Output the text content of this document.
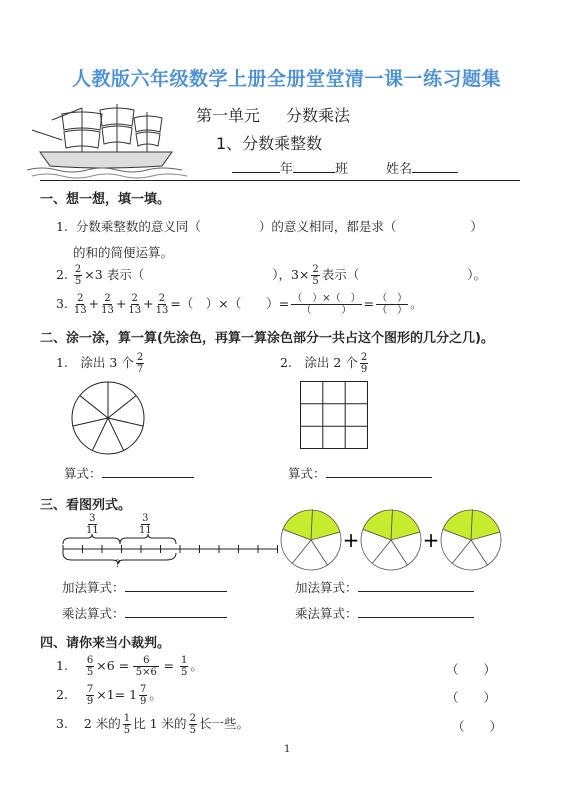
人教版六年级数学上册全册堂堂清一课一练习题集
第一单元 分数乘法
1、分数乘整数
年	班	姓名
一、想一想，填一填。
1. 分数乘整数的意义同（	）的意义相同，都是求（	）
的和的简便运算。
2. $\frac{2}{5} \times 3$ 表示（	），$3\times \frac{2}{5}$ 表示（	）。
3. $\frac{2}{13} + \frac{2}{13} + \frac{2}{13} + \frac{2}{13}$ =（　）×（　　）= $\frac{( )\times( )}{( )} = \frac{( )}{( )}$ 。
二、涂一涂，算一算(先涂色，再算一算涂色部分一共占这个图形的几分之几)。
1.　涂出 3 个 $\frac{2}{7}$	2.　涂出 2 个 $\frac{2}{9}$
算式：	算式：
三、看图列式。
$\frac{3}{11}$	$\frac{3}{11}$
?
+	+
加法算式：
乘法算式：
加法算式：
乘法算式：
四、请你来当小裁判。
1. $\frac{6}{5} \times 6 = \frac{6}{5\times 6} = \frac{1}{5}$ 。	（　　）
2. $\frac{7}{9} \times 1= 1 \frac{7}{9}$ 。	（　　）
3. 2 米的 $\frac{1}{5}$ 比 1 米的 $\frac{2}{5}$ 长一些。	（　　）
1
